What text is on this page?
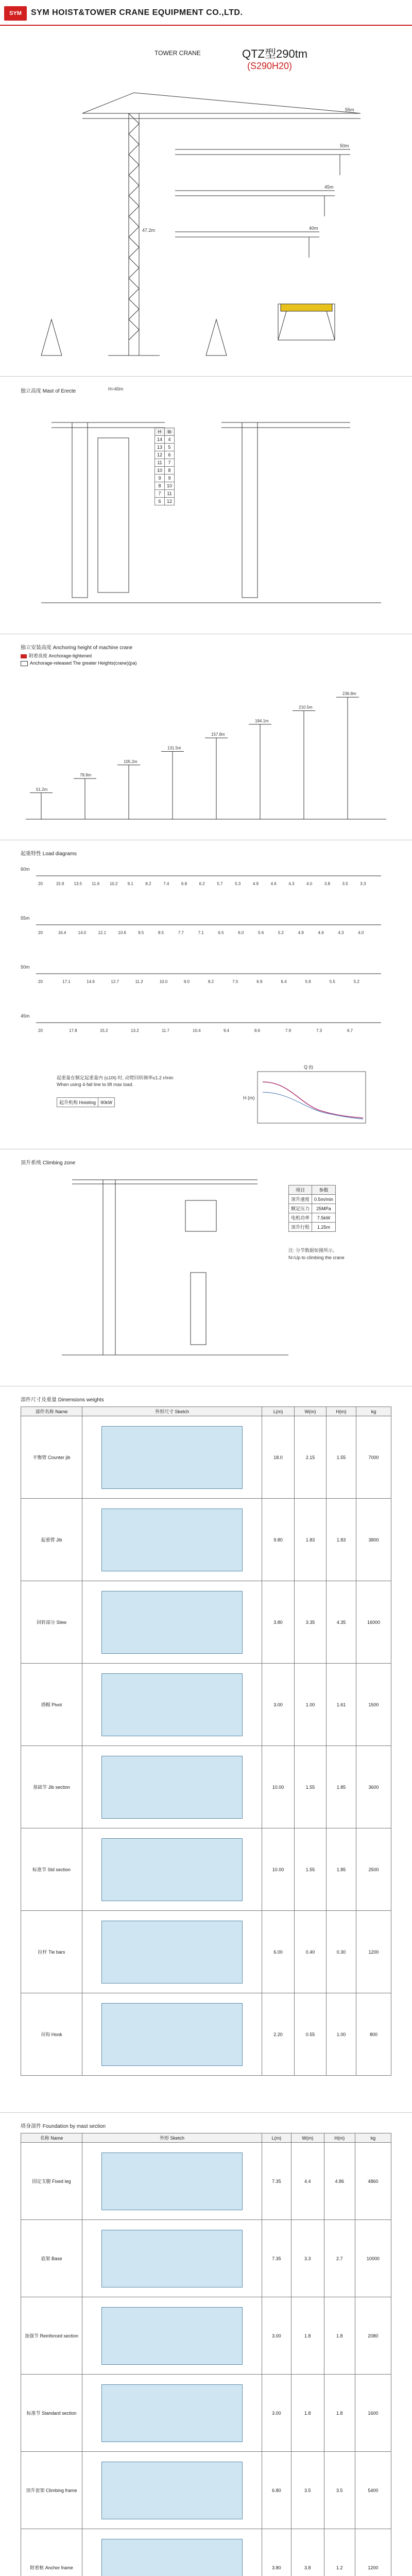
SYM	SYM HOIST&TOWER CRANE EQUIPMENT CO.,LTD.
TOWER CRANE	QTZ型290tm
(S290H20)
55m
50m
45m
40m
47.2m
独立高度 Mast of Erecte	H=40m
H	tb
14	4
13	5
12	6
11	7
10	8
9	9
8	10
7	11
6	12
独立安装高度 Anchoring height of machine crane
附着高度 Anchorage-tightened
Anchorage-released The greater Heights(crane)(pa)
51.2m
78.9m
105.2m
131.5m
157.8m
184.1m
210.5m
236.8m
起重特性 Load diagrams
60m
20	15.9 13.5 11.6 10.2 9.1	8.2	7.4	6.8	6.2	5.7	5.3	4.9	4.6	4.3	4.0	3.8	3.5	3.3
55m
20	16.4	14.0	12.1	10.6	9.5	8.5	7.7	7.1	6.5	6.0	5.6	5.2	4.9	4.6	4.3	4.0
50m
20	17.1	14.6	12.7	11.2	10.0	9.0	8.2	7.5	6.9	6.4	5.9	5.5	5.2
45m
20	17.8	15.2	13.2	11.7	10.4	9.4	8.6	7.9	7.3	6.7
起重量在额定起重量内 (≤10t) 时, 动臂回转频率≤1.2 r/min
When using 4-fall line to lift max load.
起升机构 Hoisting	90kW
Q (t)
H (m)
顶升系统 Climbing zone
项目	参数
顶升速度	0.5m/min
额定压力	25MPa
电机功率	7.5kW
顶升行程	1.25m
注: 分节数据如图所示。
N=Up to climbing the crane
部件尺寸及重量 Dimensions weights
部件名称 Name	外形尺寸 Sketch	L(m)	W(m)	H(m)	kg
平衡臂 Counter jib		18.0	2.15	1.55	7000
起重臂 Jib		9.80	1.83	1.83	3800
回转部分 Slew		3.80	3.35	4.35	16000
塔帽 Pivot		3.00	1.00	1.61	1500
基础节 Jib section		10.00	1.55	1.85	3600
标准节 Std section		10.00	1.55	1.85	2500
拉杆 Tie bars		6.00	0.40	0.30	1200
吊钩 Hook		2.20	0.55	1.00	800
塔身部件 Foundation by mast section
名称 Name	外形 Sketch	L(m)	W(m)	H(m)	kg
固定支腿 Fixed leg		7.35	4.4	4.86	4860
底架 Base		7.35	3.3	2.7	10000
加强节 Reinforced section		3.00	1.8	1.8	2080
标准节 Standard section		3.00	1.8	1.8	1600
顶升套架 Climbing frame		6.80	3.5	3.5	5400
附着框 Anchor frame		3.80	3.8	1.2	1200
